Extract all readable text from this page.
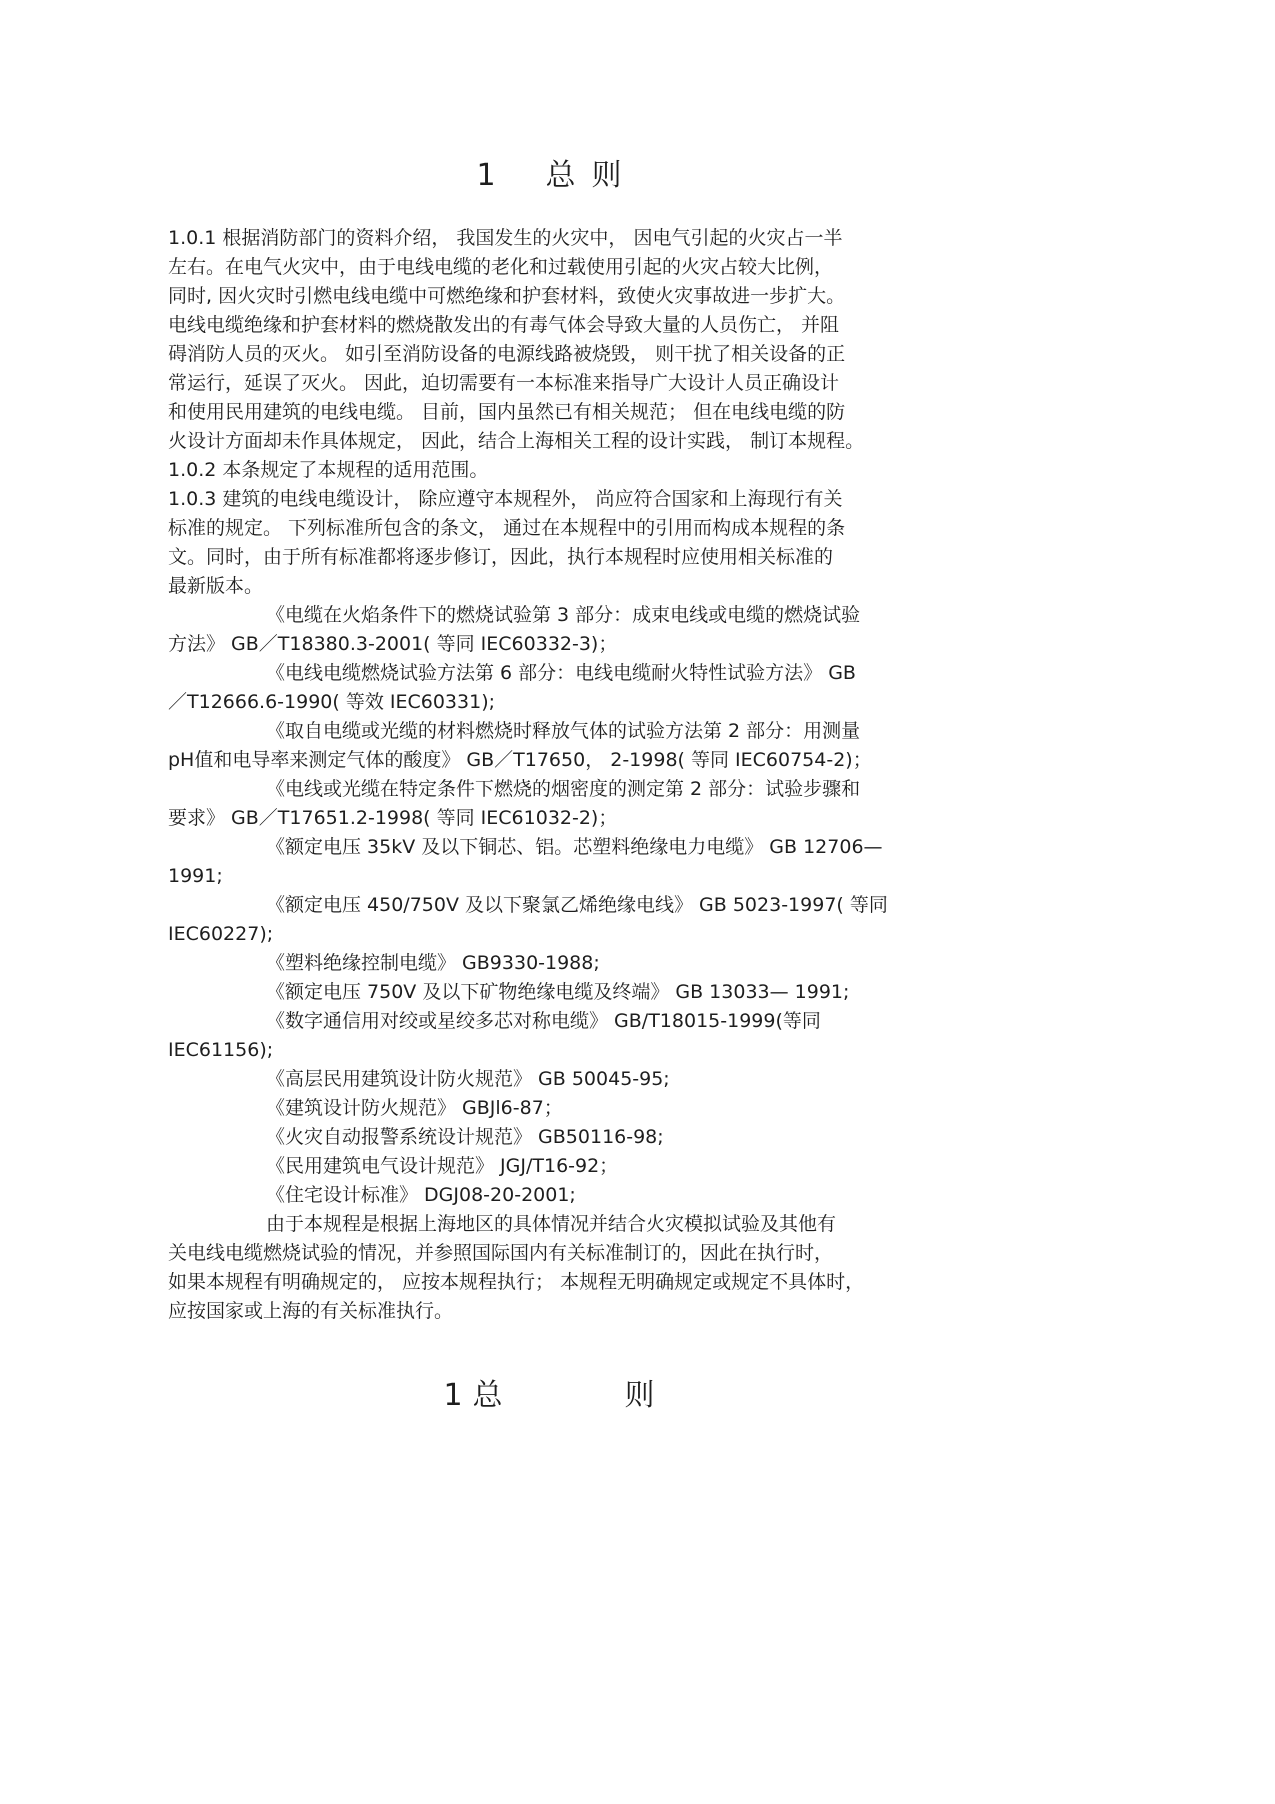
1 总 则
1.0.1 根据消防部门的资料介绍， 我国发生的火灾中， 因电气引起的火灾占一半
左右。在电气火灾中，由于电线电缆的老化和过载使用引起的火灾占较大比例，
同时, 因火灾时引燃电线电缆中可燃绝缘和护套材料，致使火灾事故进一步扩大。
电线电缆绝缘和护套材料的燃烧散发出的有毒气体会导致大量的人员伤亡， 并阻
碍消防人员的灭火。 如引至消防设备的电源线路被烧毁， 则干扰了相关设备的正
常运行，延误了灭火。 因此，迫切需要有一本标准来指导广大设计人员正确设计
和使用民用建筑的电线电缆。 目前，国内虽然已有相关规范； 但在电线电缆的防
火设计方面却未作具体规定， 因此，结合上海相关工程的设计实践， 制订本规程。
1.0.2 本条规定了本规程的适用范围。
1.0.3 建筑的电线电缆设计， 除应遵守本规程外， 尚应符合国家和上海现行有关
标准的规定。 下列标准所包含的条文， 通过在本规程中的引用而构成本规程的条
文。同时，由于所有标准都将逐步修订，因此，执行本规程时应使用相关标准的
最新版本。
《电缆在火焰条件下的燃烧试验第 3 部分：成束电线或电缆的燃烧试验
方法》 GB／T18380.3-2001( 等同 IEC60332-3)；
《电线电缆燃烧试验方法第 6 部分：电线电缆耐火特性试验方法》 GB
／T12666.6-1990( 等效 IEC60331);
《取自电缆或光缆的材料燃烧时释放气体的试验方法第 2 部分：用测量
pH值和电导率来测定气体的酸度》 GB／T17650， 2-1998( 等同 IEC60754-2)；
《电线或光缆在特定条件下燃烧的烟密度的测定第 2 部分：试验步骤和
要求》 GB／T17651.2-1998( 等同 IEC61032-2)；
《额定电压 35kV 及以下铜芯、铝。芯塑料绝缘电力电缆》 GB 12706—
1991;
《额定电压 450/750V 及以下聚氯乙烯绝缘电线》 GB 5023-1997( 等同
IEC60227);
《塑料绝缘控制电缆》 GB9330-1988;
《额定电压 750V 及以下矿物绝缘电缆及终端》 GB 13033— 1991;
《数字通信用对绞或星绞多芯对称电缆》 GB/T18015-1999(等同
IEC61156);
《高层民用建筑设计防火规范》 GB 50045-95;
《建筑设计防火规范》 GBJl6-87；
《火灾自动报警系统设计规范》 GB50116-98;
《民用建筑电气设计规范》 JGJ/T16-92；
《住宅设计标准》 DGJ08-20-2001;
由于本规程是根据上海地区的具体情况并结合火灾模拟试验及其他有
关电线电缆燃烧试验的情况，并参照国际国内有关标准制订的，因此在执行时，
如果本规程有明确规定的， 应按本规程执行； 本规程无明确规定或规定不具体时，
应按国家或上海的有关标准执行。
1 总	则
